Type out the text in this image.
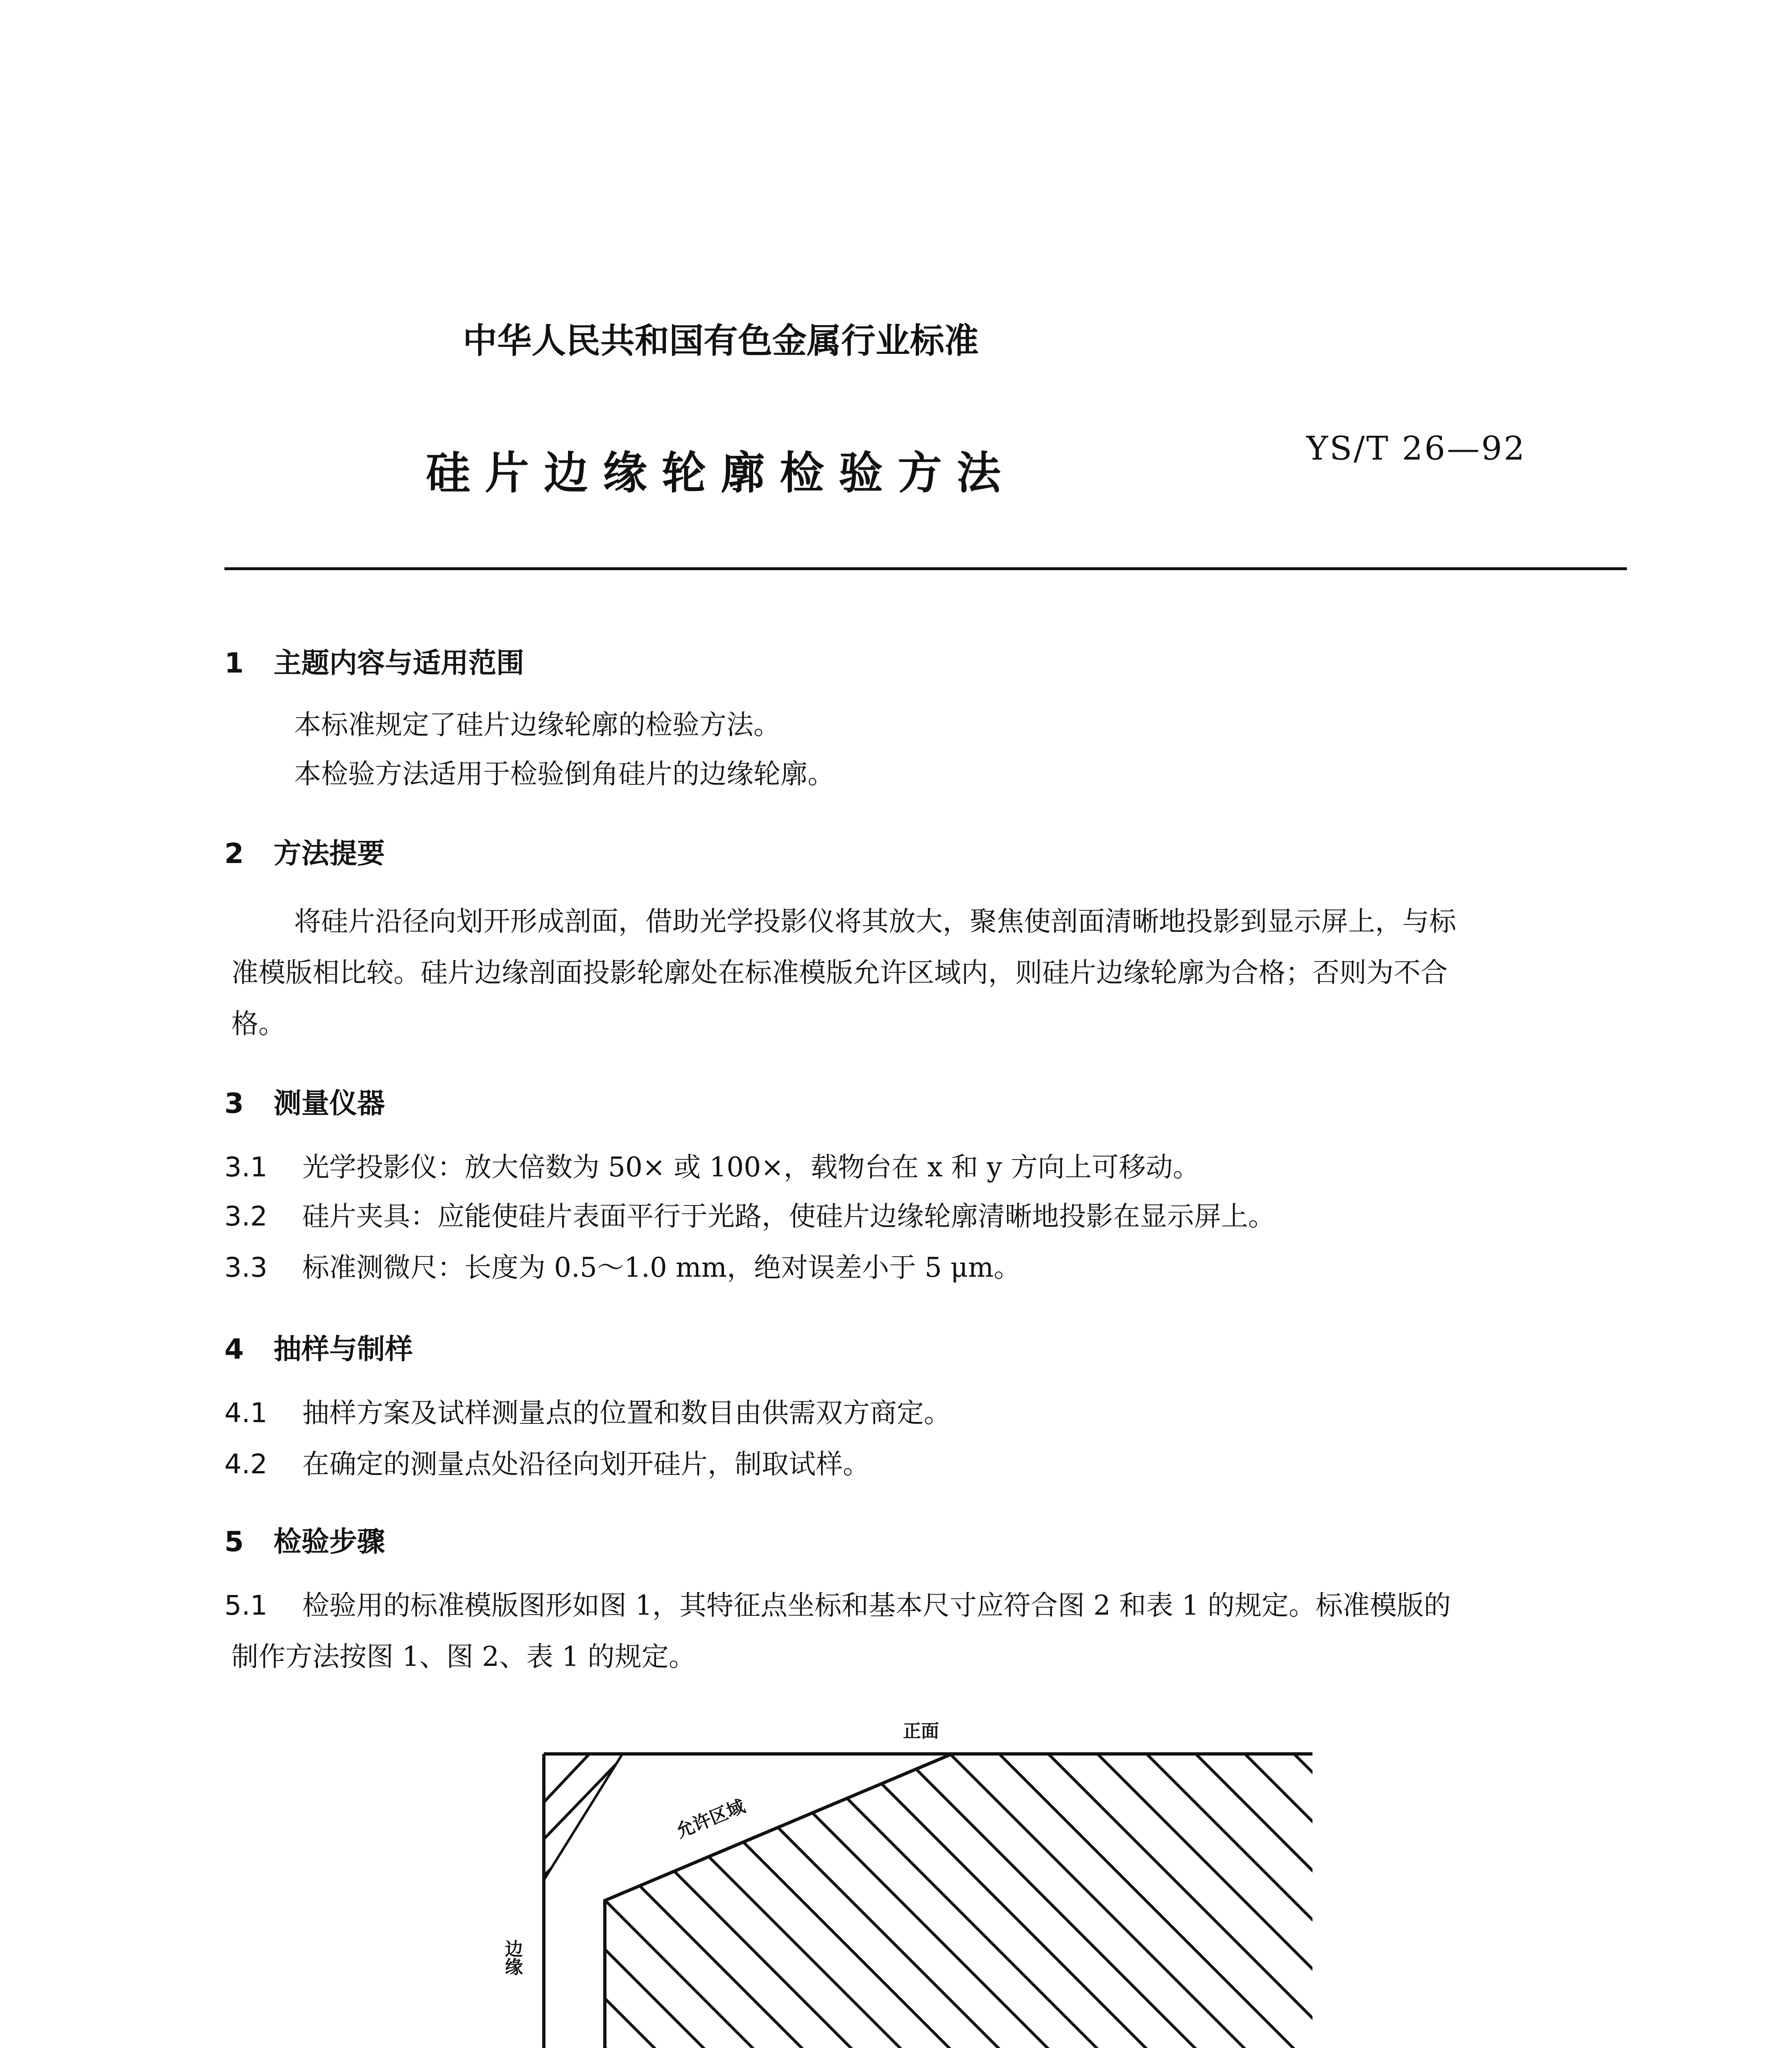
中华人民共和国有色金属行业标准
硅片边缘轮廓检验方法	YS/T 26—92
1 主题内容与适用范围
本标准规定了硅片边缘轮廓的检验方法。
本检验方法适用于检验倒角硅片的边缘轮廓。
2 方法提要
将硅片沿径向划开形成剖面，借助光学投影仪将其放大，聚焦使剖面清晰地投影到显示屏上，与标
准模版相比较。硅片边缘剖面投影轮廓处在标准模版允许区域内，则硅片边缘轮廓为合格；否则为不合
格。
3 测量仪器
3.1 光学投影仪：放大倍数为 50× 或 100×，载物台在 x 和 y 方向上可移动。
3.2 硅片夹具：应能使硅片表面平行于光路，使硅片边缘轮廓清晰地投影在显示屏上。
3.3 标准测微尺：长度为 0.5～1.0 mm，绝对误差小于 5 μm。
4 抽样与制样
4.1 抽样方案及试样测量点的位置和数目由供需双方商定。
4.2 在确定的测量点处沿径向划开硅片，制取试样。
5 检验步骤
5.1 检验用的标准模版图形如图 1，其特征点坐标和基本尺寸应符合图 2 和表 1 的规定。标准模版的
制作方法按图 1、图 2、表 1 的规定。
正面
边缘
允许区域
